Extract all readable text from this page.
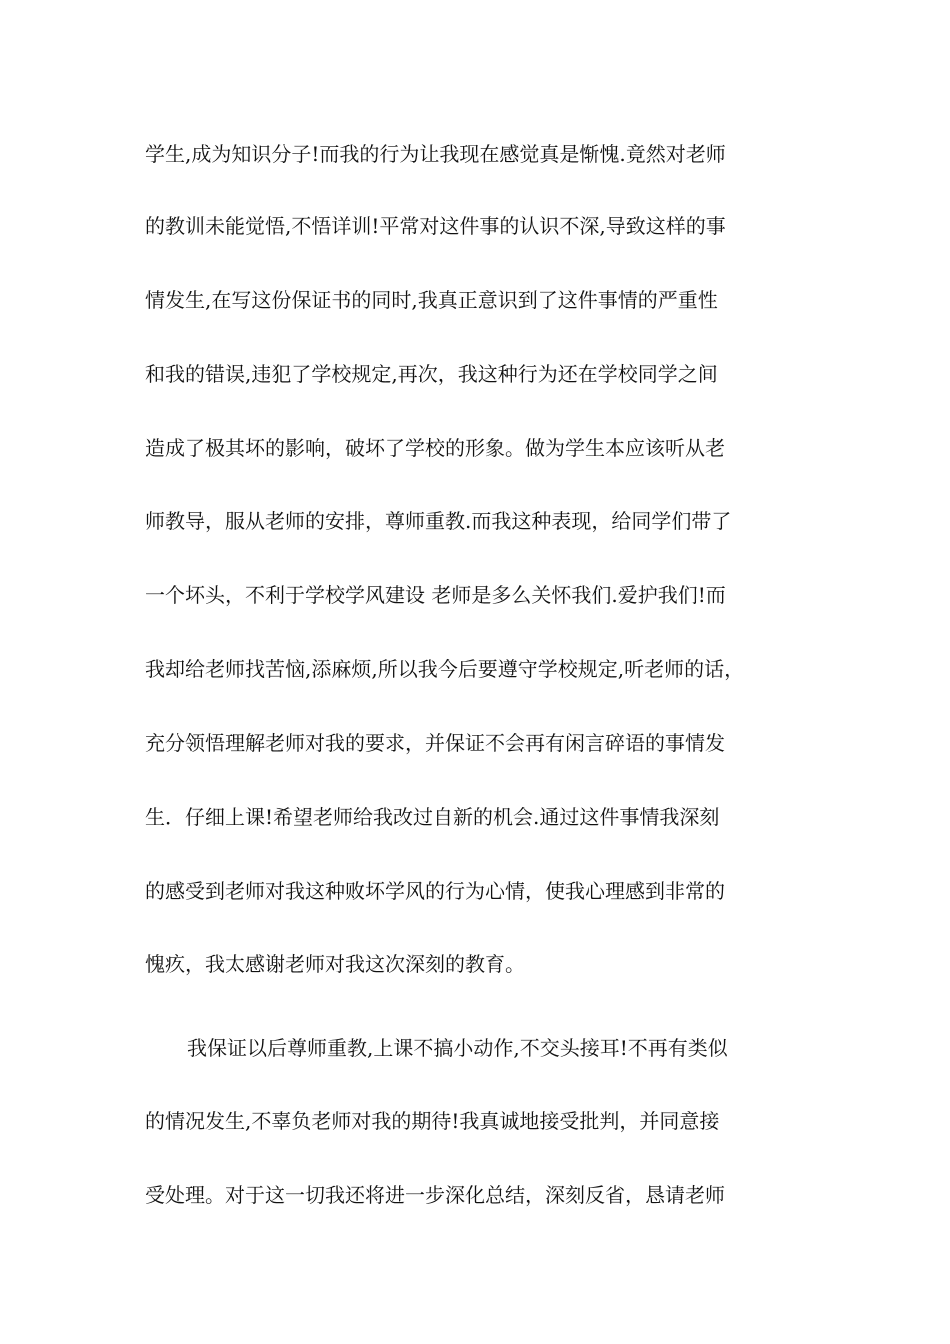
学生,成为知识分子!而我的行为让我现在感觉真是惭愧.竟然对老师
的教训未能觉悟,不悟详训!平常对这件事的认识不深,导致这样的事
情发生,在写这份保证书的同时,我真正意识到了这件事情的严重性
和我的错误,违犯了学校规定,再次，我这种行为还在学校同学之间
造成了极其坏的影响，破坏了学校的形象。做为学生本应该听从老
师教导，服从老师的安排，尊师重教.而我这种表现，给同学们带了
一个坏头，不利于学校学风建设 老师是多么关怀我们.爱护我们!而
我却给老师找苦恼,添麻烦,所以我今后要遵守学校规定,听老师的话，
充分领悟理解老师对我的要求，并保证不会再有闲言碎语的事情发
生．仔细上课!希望老师给我改过自新的机会.通过这件事情我深刻
的感受到老师对我这种败坏学风的行为心情，使我心理感到非常的
愧疚，我太感谢老师对我这次深刻的教育。
我保证以后尊师重教,上课不搞小动作,不交头接耳!不再有类似
的情况发生,不辜负老师对我的期待!我真诚地接受批判，并同意接
受处理。对于这一切我还将进一步深化总结，深刻反省，恳请老师
